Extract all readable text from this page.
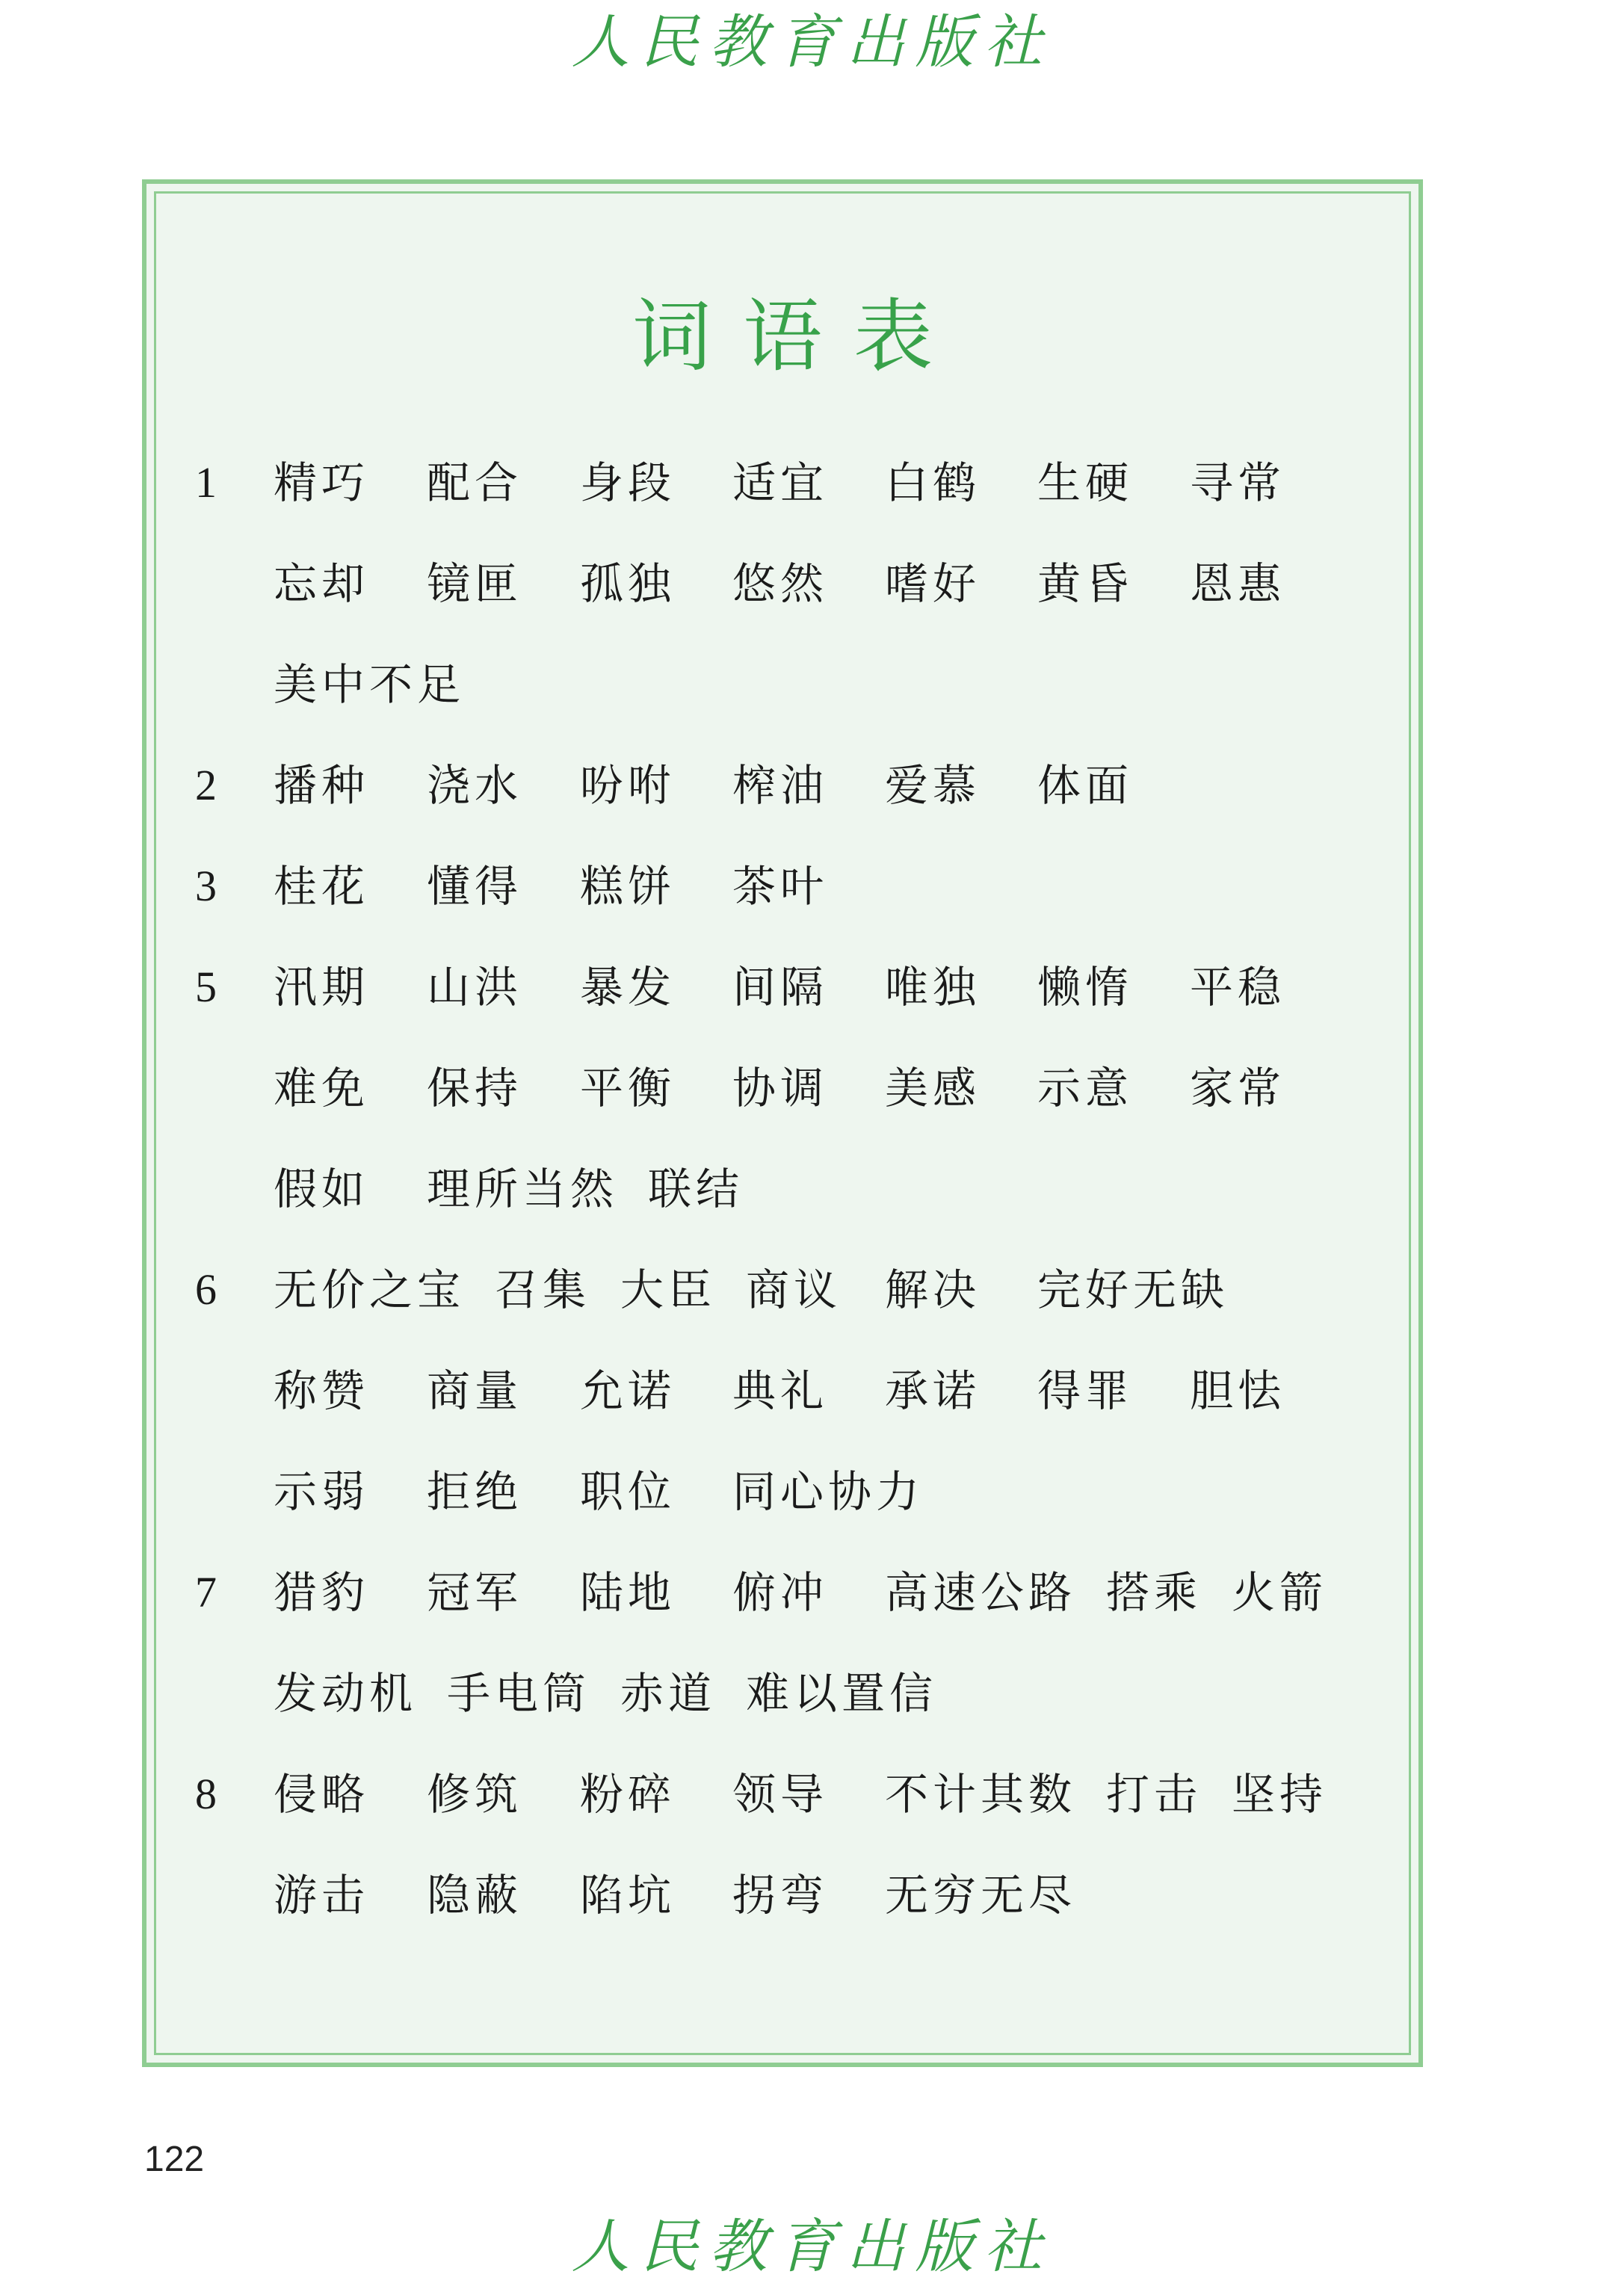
人民教育出版社
词语表
1 精巧 配合 身段 适宜 白鹤 生硬 寻常
忘却 镜匣 孤独 悠然 嗜好 黄昏 恩惠
美中不足
2 播种 浇水 吩咐 榨油 爱慕 体面
3 桂花 懂得 糕饼 茶叶
5 汛期 山洪 暴发 间隔 唯独 懒惰 平稳
难免 保持 平衡 协调 美感 示意 家常
假如 理所当然 联结
6 无价之宝 召集 大臣 商议 解决 完好无缺
称赞 商量 允诺 典礼 承诺 得罪 胆怯
示弱 拒绝 职位 同心协力
7 猎豹 冠军 陆地 俯冲 高速公路 搭乘 火箭
发动机 手电筒 赤道 难以置信
8 侵略 修筑 粉碎 领导 不计其数 打击 坚持
游击 隐蔽 陷坑 拐弯 无穷无尽
122
人民教育出版社
